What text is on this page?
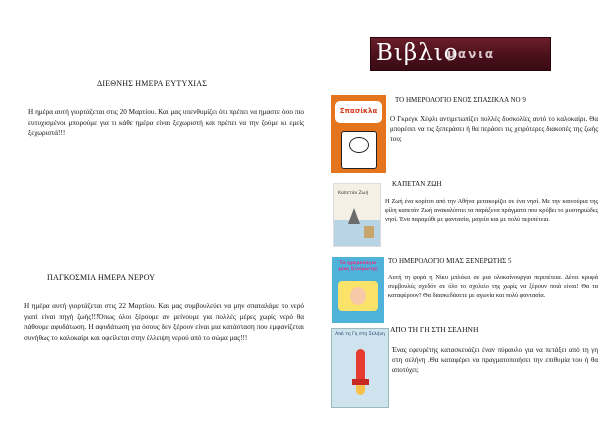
ΔΙΕΘΝΗΣ ΗΜΕΡΑ ΕΥΤΥΧΙΑΣ
Η ημέρα αυτή γιορτάζεται στις 20 Μαρτίου. Και μας υπενθυμίζει ότι πρέπει να ημαστε όσο πιο ευτυχισμένοι μπορούμε για τι κάθε ημέρα είναι ξεχωριστή και πρέπει να την ζούμε κι εμείς ξεχωριστά!!!
ΠΑΓΚΟΣΜΙΑ ΗΜΕΡΑ ΝΕΡΟΥ
Η ημέρα αυτή γιορτάζεται στις 22 Μαρτίου. Και μας συμβουλεύει να μην σπαταλάμε το νερό γιατί είναι πηγή ζωής!!!Όπως όλοι ξέρουμε αν μείνουμε για πολλές μέρες χωρίς νερό θα πάθουμε αφυδάτωση. Η αφυδάτωση για όσους δεν ξέρουν είναι μια κατάσταση που εμφανίζεται συνήθως το καλοκαίρι και οφείλεται στην έλλειψη νερού από το σώμα μας!!!
Βιβλιο
μανια
Σπασίκλα
ΤΟ ΗΜΕΡΟΛΟΓΙΟ ΕΝΟΣ ΣΠΑΣΙΚΛΑ ΝΟ 9
Ο Γκρεγκ Χέφλι αντιμετωπίζει πολλές δυσκολίες αυτό το καλοκαίρι. Θα μπορέσει να τις ξεπεράσει ή θα περάσει τις χειρότερες διακοπές της ζωής του;
Καπετάν Ζωή
ΚΑΠΕΤΑΝ ΖΩΗ
Η Ζωή ένα κορίτσι από την Αθήνα μετακομίζει σε ένα νησί. Με την καινούρια της φίλη καπετάν Ζωή ανακαλύπτει τα παράξενα πράγματα που κρύβει το μυστηριώδες νησί. Ένα παραμύθι με φαντασία, μαγεία και με πολύ περιπέτεια.
Το ημερολόγιο μιας ξενέρωτης
ΤΟ ΗΜΕΡΟΛΟΓΙΟ ΜΙΑΣ ΞΕΝΕΡΩΤΗΣ 5
Αυτή τη φορά η Νίκυ μπλέκει σε μια ολοκαίνουργια περιπέτεια. Δένει κρυφά συμβουλές σχεδόν σε όλο το σχολείο της χωρίς να ξέρουν ποιά είναι! Θα τα καταφέρουν? Θα διασκεδάσετε με αγωνία και πολύ φαντασία.
Από τη Γη στη Σελήνη
ΑΠΟ ΤΗ ΓΗ ΣΤΗ ΣΕΛΗΝΗ
Ένας εφευρέτης κατασκευάζει έναν πύραυλο για να πετάξει από τη γη στη σελήνη .Θα καταφέρει να πραγματοποιήσει την επιθυμία του ή θα αποτύχει;
